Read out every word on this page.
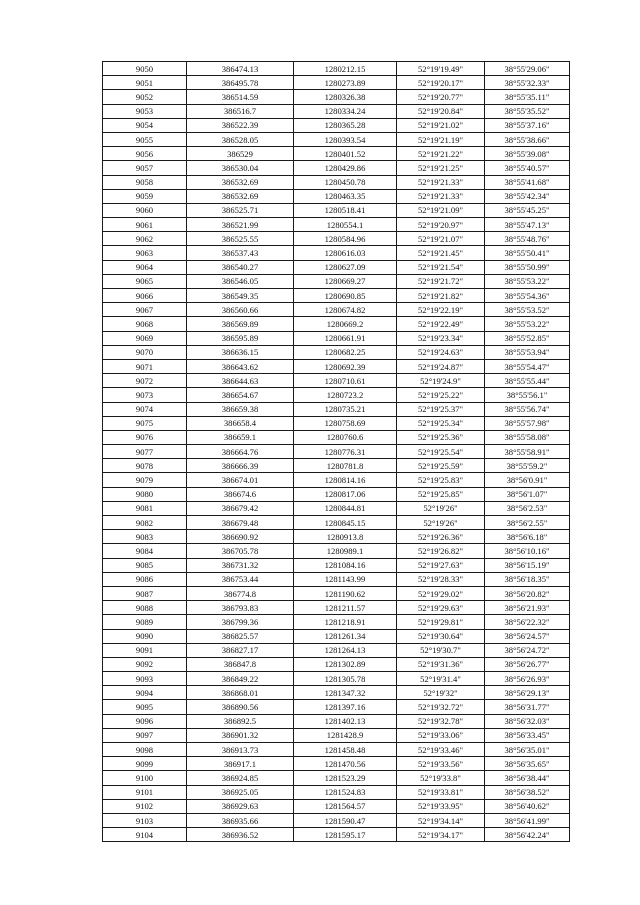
9050	386474.13	1280212.15	52°19'19.49"	38°55'29.06"
9051	386495.78	1280273.89	52°19'20.17"	38°55'32.33"
9052	386514.59	1280326.38	52°19'20.77"	38°55'35.11"
9053	386516.7	1280334.24	52°19'20.84"	38°55'35.52"
9054	386522.39	1280365.28	52°19'21.02"	38°55'37.16"
9055	386528.05	1280393.54	52°19'21.19"	38°55'38.66"
9056	386529	1280401.52	52°19'21.22"	38°55'39.08"
9057	386530.04	1280429.86	52°19'21.25"	38°55'40.57"
9058	386532.69	1280450.78	52°19'21.33"	38°55'41.68"
9059	386532.69	1280463.35	52°19'21.33"	38°55'42.34"
9060	386525.71	1280518.41	52°19'21.09"	38°55'45.25"
9061	386521.99	1280554.1	52°19'20.97"	38°55'47.13"
9062	386525.55	1280584.96	52°19'21.07"	38°55'48.76"
9063	386537.43	1280616.03	52°19'21.45"	38°55'50.41"
9064	386540.27	1280627.09	52°19'21.54"	38°55'50.99"
9065	386546.05	1280669.27	52°19'21.72"	38°55'53.22"
9066	386549.35	1280690.85	52°19'21.82"	38°55'54.36"
9067	386560.66	1280674.82	52°19'22.19"	38°55'53.52"
9068	386569.89	1280669.2	52°19'22.49"	38°55'53.22"
9069	386595.89	1280661.91	52°19'23.34"	38°55'52.85"
9070	386636.15	1280682.25	52°19'24.63"	38°55'53.94"
9071	386643.62	1280692.39	52°19'24.87"	38°55'54.47"
9072	386644.63	1280710.61	52°19'24.9"	38°55'55.44"
9073	386654.67	1280723.2	52°19'25.22"	38°55'56.1"
9074	386659.38	1280735.21	52°19'25.37"	38°55'56.74"
9075	386658.4	1280758.69	52°19'25.34"	38°55'57.98"
9076	386659.1	1280760.6	52°19'25.36"	38°55'58.08"
9077	386664.76	1280776.31	52°19'25.54"	38°55'58.91"
9078	386666.39	1280781.8	52°19'25.59"	38°55'59.2"
9079	386674.01	1280814.16	52°19'25.83"	38°56'0.91"
9080	386674.6	1280817.06	52°19'25.85"	38°56'1.07"
9081	386679.42	1280844.81	52°19'26"	38°56'2.53"
9082	386679.48	1280845.15	52°19'26"	38°56'2.55"
9083	386690.92	1280913.8	52°19'26.36"	38°56'6.18"
9084	386705.78	1280989.1	52°19'26.82"	38°56'10.16"
9085	386731.32	1281084.16	52°19'27.63"	38°56'15.19"
9086	386753.44	1281143.99	52°19'28.33"	38°56'18.35"
9087	386774.8	1281190.62	52°19'29.02"	38°56'20.82"
9088	386793.83	1281211.57	52°19'29.63"	38°56'21.93"
9089	386799.36	1281218.91	52°19'29.81"	38°56'22.32"
9090	386825.57	1281261.34	52°19'30.64"	38°56'24.57"
9091	386827.17	1281264.13	52°19'30.7"	38°56'24.72"
9092	386847.8	1281302.89	52°19'31.36"	38°56'26.77"
9093	386849.22	1281305.78	52°19'31.4"	38°56'26.93"
9094	386868.01	1281347.32	52°19'32"	38°56'29.13"
9095	386890.56	1281397.16	52°19'32.72"	38°56'31.77"
9096	386892.5	1281402.13	52°19'32.78"	38°56'32.03"
9097	386901.32	1281428.9	52°19'33.06"	38°56'33.45"
9098	386913.73	1281458.48	52°19'33.46"	38°56'35.01"
9099	386917.1	1281470.56	52°19'33.56"	38°56'35.65"
9100	386924.85	1281523.29	52°19'33.8"	38°56'38.44"
9101	386925.05	1281524.83	52°19'33.81"	38°56'38.52"
9102	386929.63	1281564.57	52°19'33.95"	38°56'40.62"
9103	386935.66	1281590.47	52°19'34.14"	38°56'41.99"
9104	386936.52	1281595.17	52°19'34.17"	38°56'42.24"
